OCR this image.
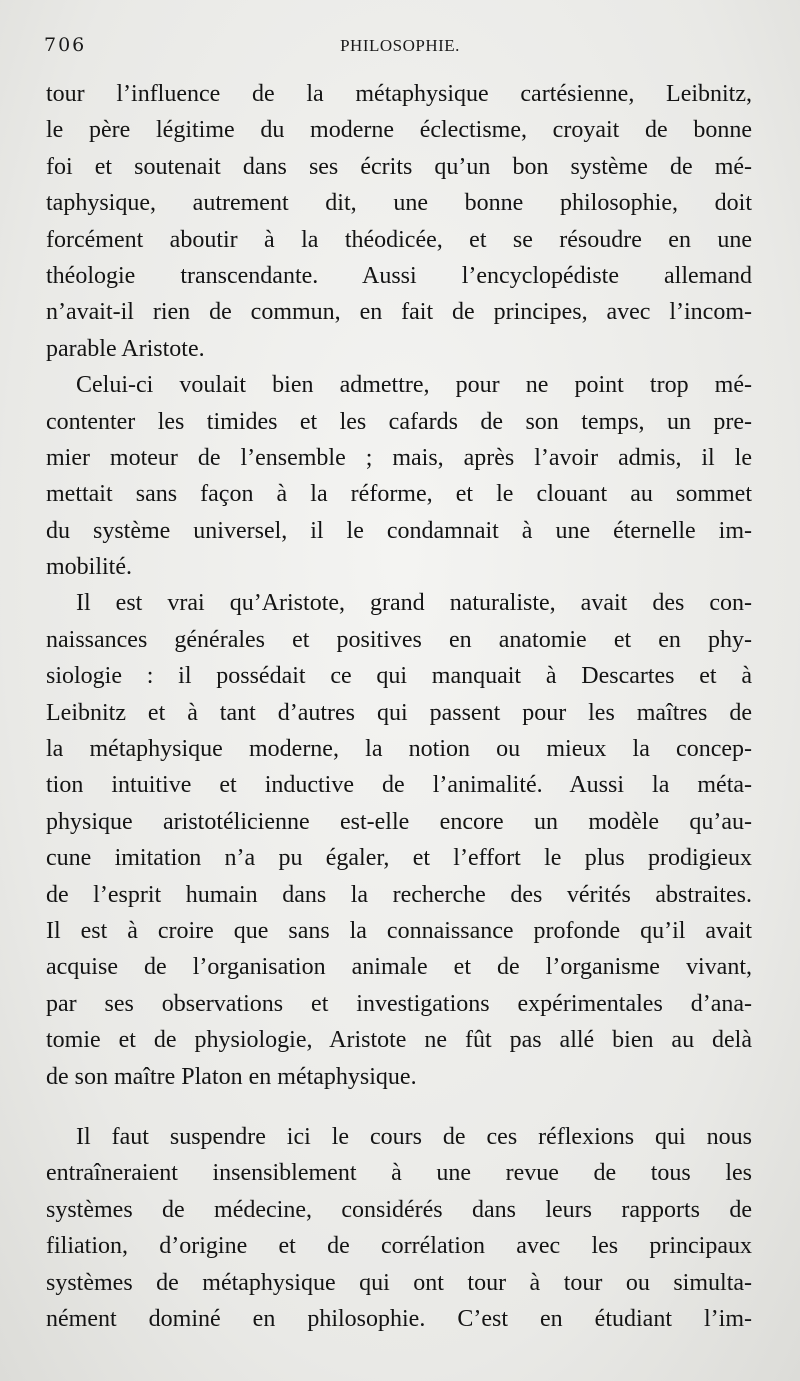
706	PHILOSOPHIE.
tour l’influence de la métaphysique cartésienne, Leibnitz,
le père légitime du moderne éclectisme, croyait de bonne
foi et soutenait dans ses écrits qu’un bon système de mé-
taphysique, autrement dit, une bonne philosophie, doit
forcément aboutir à la théodicée, et se résoudre en une
théologie transcendante. Aussi l’encyclopédiste allemand
n’avait-il rien de commun, en fait de principes, avec l’incom-
parable Aristote.
Celui-ci voulait bien admettre, pour ne point trop mé-
contenter les timides et les cafards de son temps, un pre-
mier moteur de l’ensemble ; mais, après l’avoir admis, il le
mettait sans façon à la réforme, et le clouant au sommet
du système universel, il le condamnait à une éternelle im-
mobilité.
Il est vrai qu’Aristote, grand naturaliste, avait des con-
naissances générales et positives en anatomie et en phy-
siologie : il possédait ce qui manquait à Descartes et à
Leibnitz et à tant d’autres qui passent pour les maîtres de
la métaphysique moderne, la notion ou mieux la concep-
tion intuitive et inductive de l’animalité. Aussi la méta-
physique aristotélicienne est-elle encore un modèle qu’au-
cune imitation n’a pu égaler, et l’effort le plus prodigieux
de l’esprit humain dans la recherche des vérités abstraites.
Il est à croire que sans la connaissance profonde qu’il avait
acquise de l’organisation animale et de l’organisme vivant,
par ses observations et investigations expérimentales d’ana-
tomie et de physiologie, Aristote ne fût pas allé bien au delà
de son maître Platon en métaphysique.
Il faut suspendre ici le cours de ces réflexions qui nous
entraîneraient insensiblement à une revue de tous les
systèmes de médecine, considérés dans leurs rapports de
filiation, d’origine et de corrélation avec les principaux
systèmes de métaphysique qui ont tour à tour ou simulta-
nément dominé en philosophie. C’est en étudiant l’im-
